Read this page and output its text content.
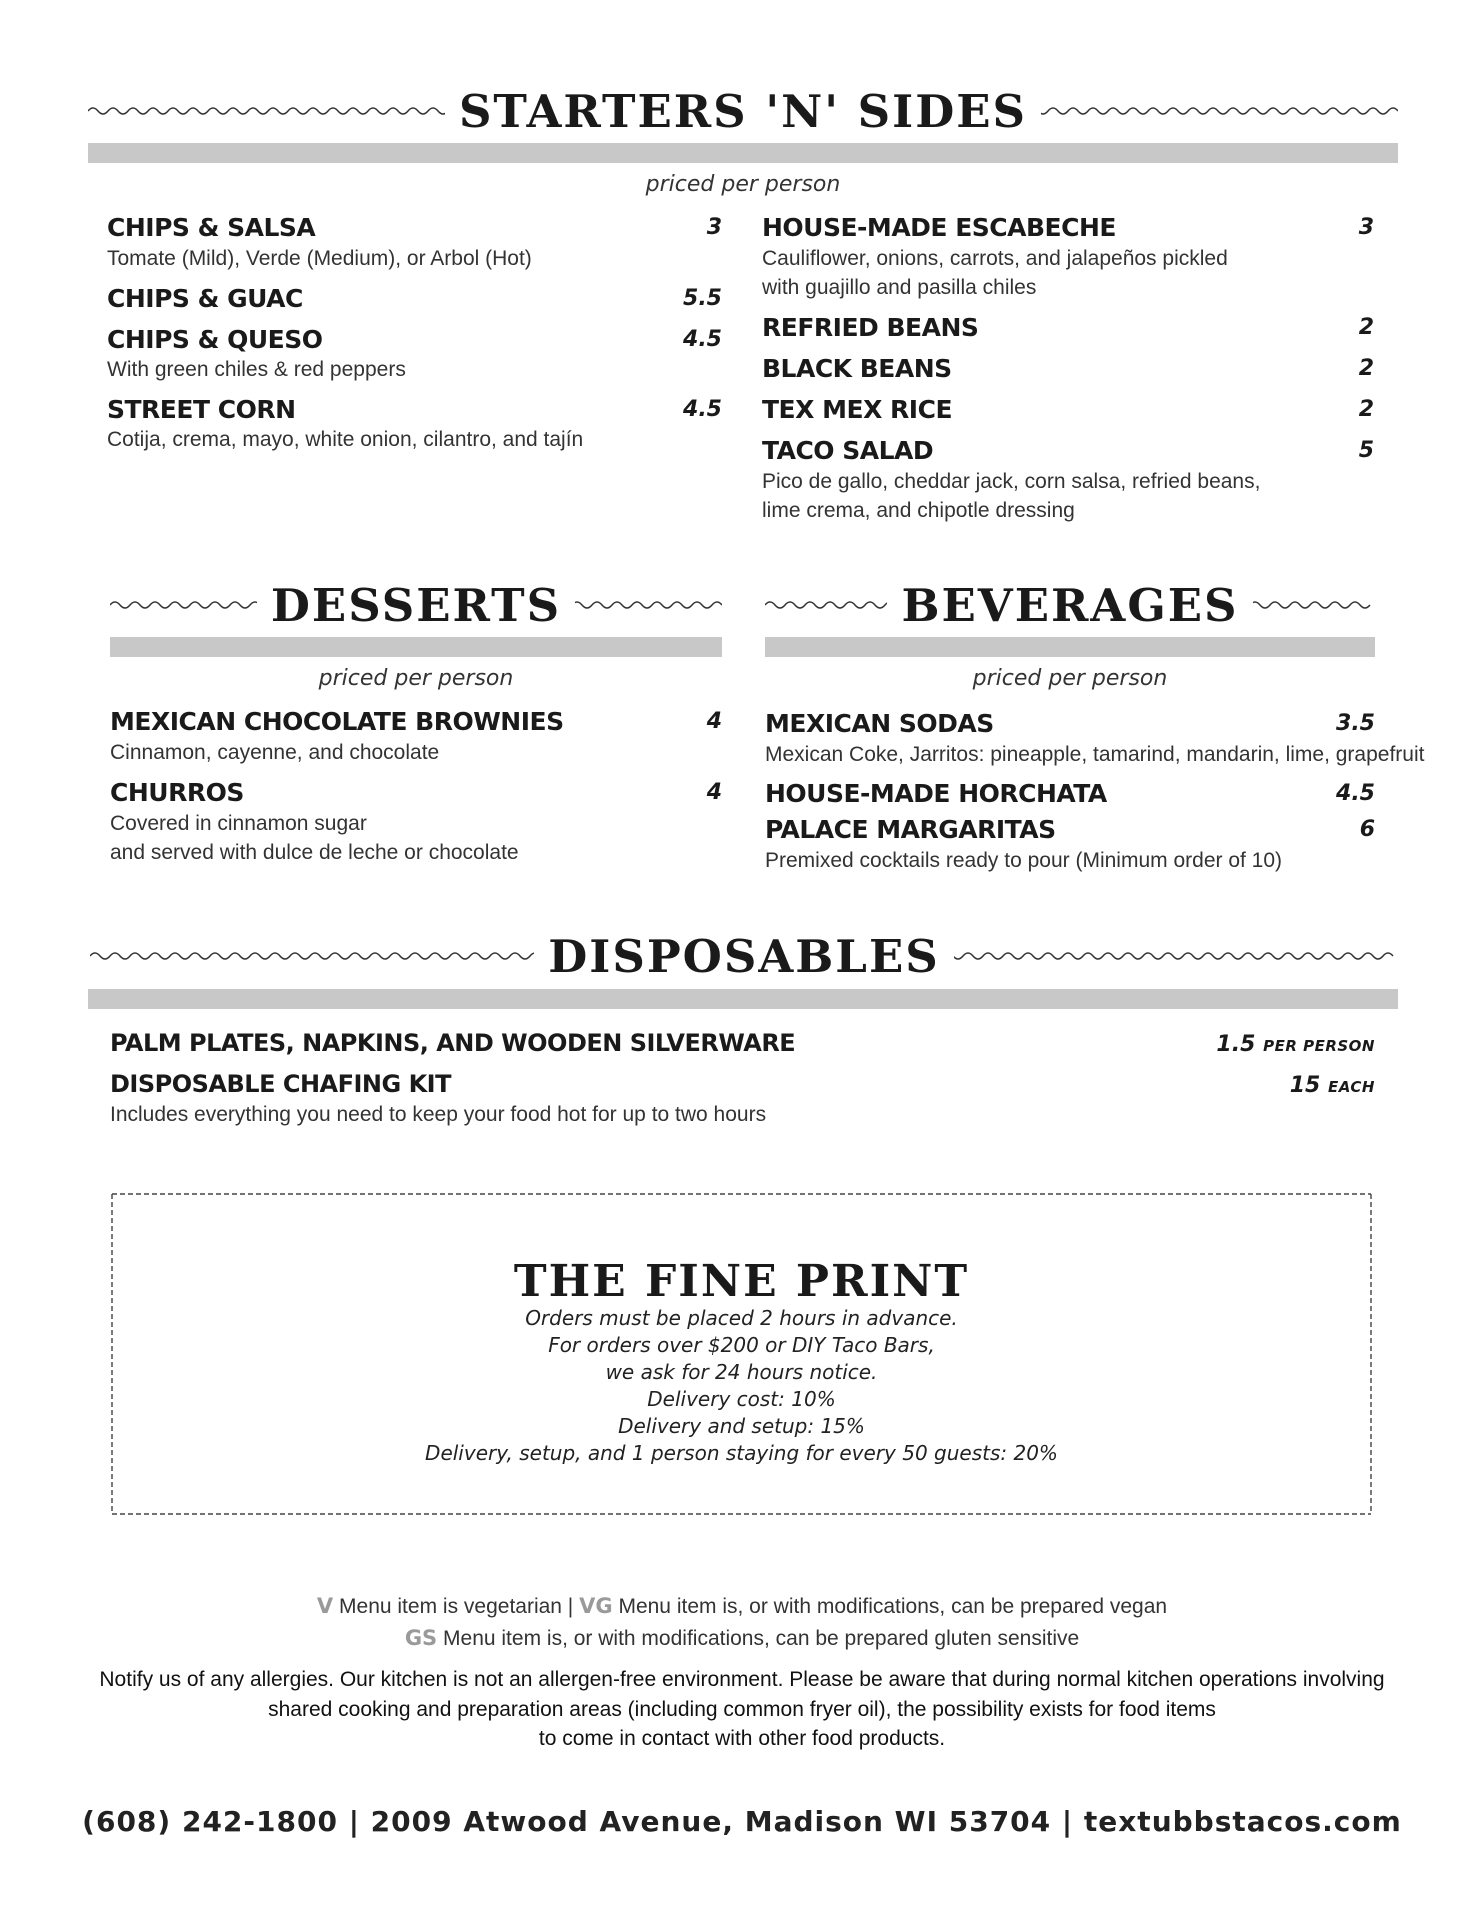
STARTERS 'N' SIDES
priced per person
CHIPS & SALSA	3
Tomate (Mild), Verde (Medium), or Arbol (Hot)
CHIPS & GUAC	5.5
CHIPS & QUESO	4.5
With green chiles & red peppers
STREET CORN	4.5
Cotija, crema, mayo, white onion, cilantro, and tajín
HOUSE-MADE ESCABECHE	3
Cauliflower, onions, carrots, and jalapeños pickled
with guajillo and pasilla chiles
REFRIED BEANS	2
BLACK BEANS	2
TEX MEX RICE	2
TACO SALAD	5
Pico de gallo, cheddar jack, corn salsa, refried beans,
lime crema, and chipotle dressing
DESSERTS
priced per person
MEXICAN CHOCOLATE BROWNIES	4
Cinnamon, cayenne, and chocolate
CHURROS	4
Covered in cinnamon sugar
and served with dulce de leche or chocolate
BEVERAGES
priced per person
MEXICAN SODAS	3.5
Mexican Coke, Jarritos: pineapple, tamarind, mandarin, lime, grapefruit
HOUSE-MADE HORCHATA	4.5
PALACE MARGARITAS	6
Premixed cocktails ready to pour (Minimum order of 10)
DISPOSABLES
PALM PLATES, NAPKINS, AND WOODEN SILVERWARE	1.5 PER PERSON
DISPOSABLE CHAFING KIT	15 EACH
Includes everything you need to keep your food hot for up to two hours
THE FINE PRINT
Orders must be placed 2 hours in advance.
For orders over $200 or DIY Taco Bars,
we ask for 24 hours notice.
Delivery cost: 10%
Delivery and setup: 15%
Delivery, setup, and 1 person staying for every 50 guests: 20%
V Menu item is vegetarian | VG Menu item is, or with modifications, can be prepared vegan
GS Menu item is, or with modifications, can be prepared gluten sensitive
Notify us of any allergies. Our kitchen is not an allergen-free environment. Please be aware that during normal kitchen operations involving
shared cooking and preparation areas (including common fryer oil), the possibility exists for food items
to come in contact with other food products.
(608) 242-1800 | 2009 Atwood Avenue, Madison WI 53704 | textubbstacos.com
